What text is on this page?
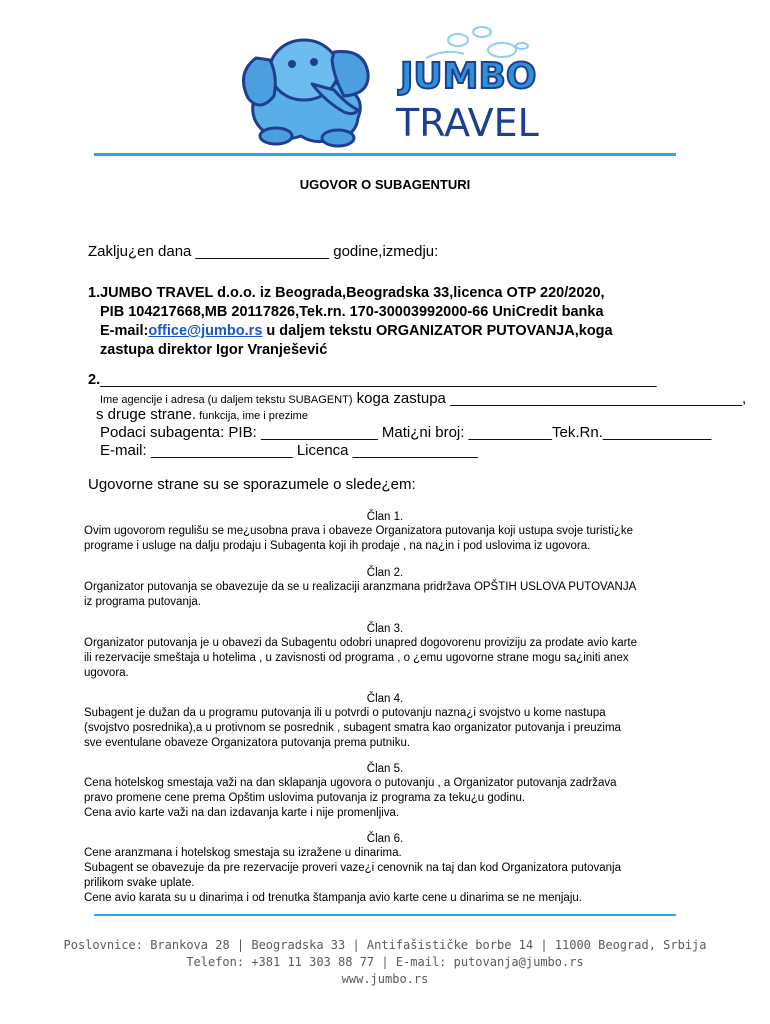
JUMBO
TRAVEL
UGOVOR O SUBAGENTURI
Zaklju¿en dana ________________ godine,izmedju:
1.JUMBO TRAVEL d.o.o. iz Beograda,Beogradska 33,licenca OTP 220/2020,
PIB 104217668,MB 20117826,Tek.rn. 170-30003992000-66 UniCredit banka
E-mail:office@jumbo.rs u daljem tekstu ORGANIZATOR PUTOVANJA,koga
zastupa direktor Igor Vranješević
2._____________________________________________________________________
Ime agencije i adresa (u daljem tekstu SUBAGENT) koga zastupa ___________________________________,
s druge strane. funkcija, ime i prezime
Podaci subagenta: PIB: ______________ Mati¿ni broj: __________Tek.Rn._____________
E-mail: _________________ Licenca _______________
Ugovorne strane su se sporazumele o slede¿em:
Član 1.
Ovim ugovorom regulišu se me¿usobna prava i obaveze Organizatora putovanja koji ustupa svoje turisti¿ke
programe i usluge na dalju prodaju i Subagenta koji ih prodaje , na na¿in i pod uslovima iz ugovora.
Član 2.
Organizator putovanja se obavezuje da se u realizaciji aranzmana pridržava OPŠTIH USLOVA PUTOVANJA
iz programa putovanja.
Član 3.
Organizator putovanja je u obavezi da Subagentu odobri unapred dogovorenu proviziju za prodate avio karte
ili rezervacije smeštaja u hotelima , u zavisnosti od programa , o ¿emu ugovorne strane mogu sa¿initi anex
ugovora.
Član 4.
Subagent je dužan da u programu putovanja ili u potvrdi o putovanju nazna¿i svojstvo u kome nastupa
(svojstvo posrednika),a u protivnom se posrednik , subagent smatra kao organizator putovanja i preuzima
sve eventulane obaveze Organizatora putovanja prema putniku.
Član 5.
Cena hotelskog smestaja važi na dan sklapanja ugovora o putovanju , a Organizator putovanja zadržava
pravo promene cene prema Opštim uslovima putovanja iz programa za teku¿u godinu.
Cena avio karte važi na dan izdavanja karte i nije promenljiva.
Član 6.
Cene aranzmana i hotelskog smestaja su izražene u dinarima.
Subagent se obavezuje da pre rezervacije proveri vaze¿i cenovnik na taj dan kod Organizatora putovanja
prilikom svake uplate.
Cene avio karata su u dinarima i od trenutka štampanja avio karte cene u dinarima se ne menjaju.
Poslovnice: Brankova 28 | Beogradska 33 | Antifašističke borbe 14 | 11000 Beograd, Srbija
Telefon: +381 11 303 88 77 | E-mail: putovanja@jumbo.rs
www.jumbo.rs
